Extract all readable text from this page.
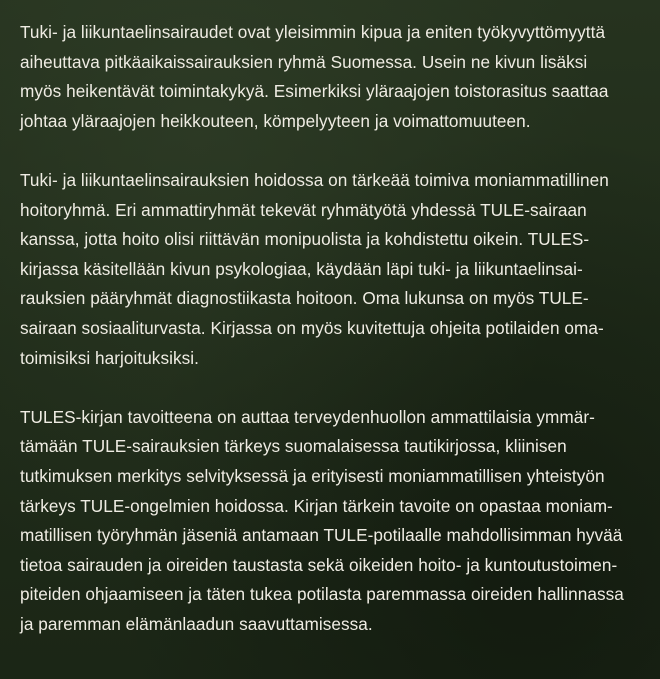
Tuki- ja liikuntaelinsairaudet ovat yleisimmin kipua ja eniten työkyvyttömyyttä
aiheuttava pitkäaikaissairauksien ryhmä Suomessa. Usein ne kivun lisäksi
myös heikentävät toimintakykyä. Esimerkiksi yläraajojen toistorasitus saattaa
johtaa yläraajojen heikkouteen, kömpelyyteen ja voimattomuuteen.

Tuki- ja liikuntaelinsairauksien hoidossa on tärkeää toimiva moniammatillinen
hoitoryhmä. Eri ammattiryhmät tekevät ryhmätyötä yhdessä TULE-sairaan
kanssa, jotta hoito olisi riittävän monipuolista ja kohdistettu oikein. TULES-
kirjassa käsitellään kivun psykologiaa, käydään läpi tuki- ja liikuntaelinsai-
rauksien pääryhmät diagnostiikasta hoitoon. Oma lukunsa on myös TULE-
sairaan sosiaaliturvasta. Kirjassa on myös kuvitettuja ohjeita potilaiden oma-
toimisiksi harjoituksiksi.

TULES-kirjan tavoitteena on auttaa terveydenhuollon ammattilaisia ymmär-
tämään TULE-sairauksien tärkeys suomalaisessa tautikirjossa, kliinisen
tutkimuksen merkitys selvityksessä ja erityisesti moniammatillisen yhteistyön
tärkeys TULE-ongelmien hoidossa. Kirjan tärkein tavoite on opastaa moniam-
matillisen työryhmän jäseniä antamaan TULE-potilaalle mahdollisimman hyvää
tietoa sairauden ja oireiden taustasta sekä oikeiden hoito- ja kuntoutustoimen-
piteiden ohjaamiseen ja täten tukea potilasta paremmassa oireiden hallinnassa
ja paremman elämänlaadun saavuttamisessa.
